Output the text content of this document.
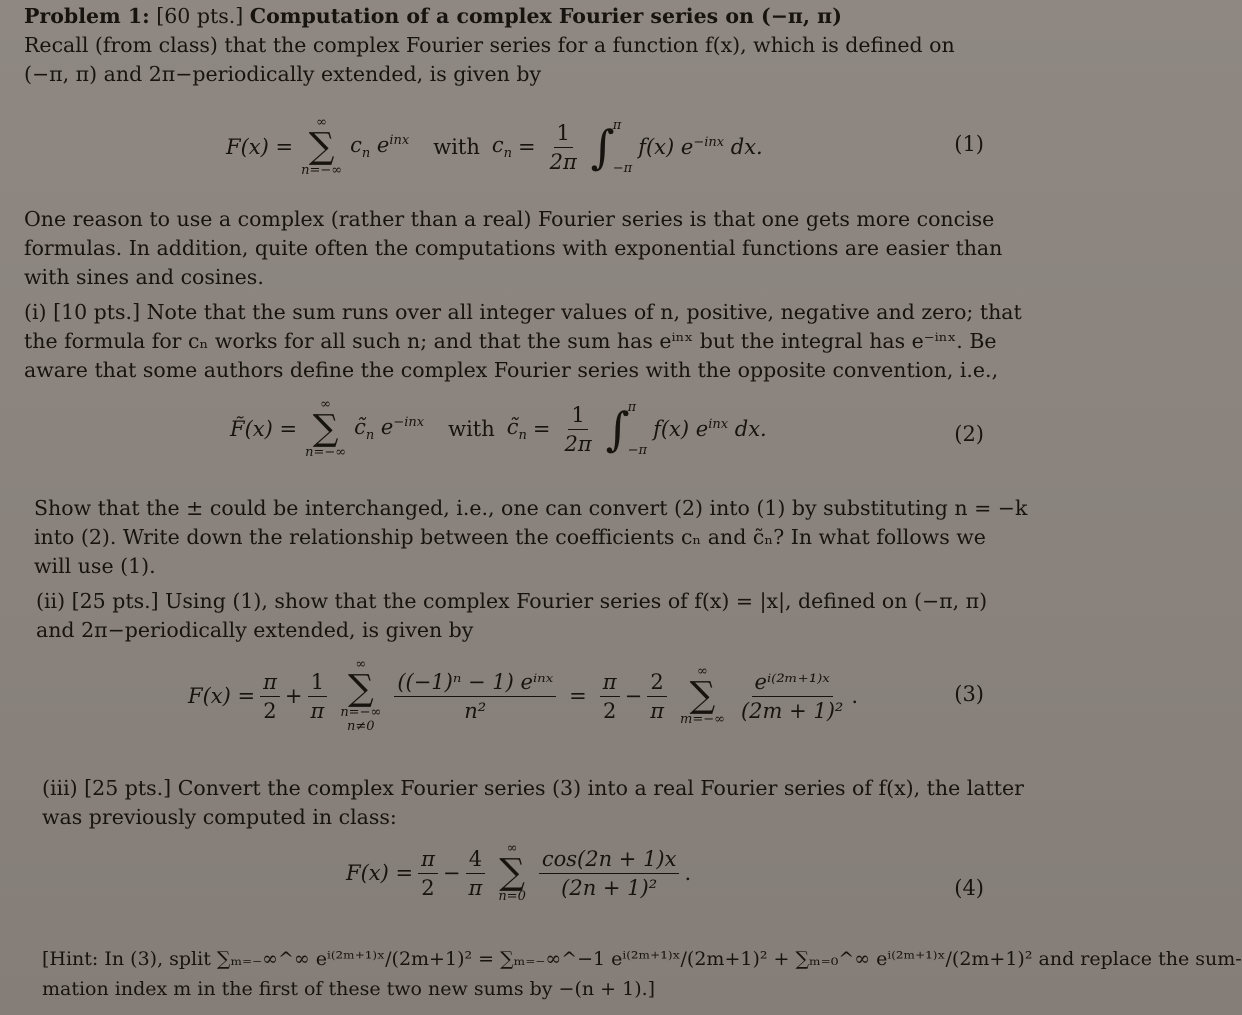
Problem 1: [60 pts.] Computation of a complex Fourier series on (−π, π)
Recall (from class) that the complex Fourier series for a function f(x), which is defined on
(−π, π) and 2π−periodically extended, is given by
F(x) =
∞
∑
n=−∞
$c_n$ $e^{inx}$ with $c_n = \frac{1}{2\pi}$ ∫
π
−π
f(x) $e^{-inx}$ dx.	(1)
One reason to use a complex (rather than a real) Fourier series is that one gets more concise
formulas. In addition, quite often the computations with exponential functions are easier than
with sines and cosines.
(i) [10 pts.] Note that the sum runs over all integer values of n, positive, negative and zero; that
the formula for cₙ works for all such n; and that the sum has eⁱⁿˣ but the integral has e⁻ⁱⁿˣ. Be
aware that some authors define the complex Fourier series with the opposite convention, i.e.,
F̃(x) =
∞
∑
n=−∞
$c̃_n$ $e^{-inx}$ with $c̃_n = \frac{1}{2\pi}$ ∫
π
−π
f(x) $e^{inx}$ dx.	(2)
Show that the ± could be interchanged, i.e., one can convert (2) into (1) by substituting n = −k
into (2). Write down the relationship between the coefficients cₙ and c̃ₙ? In what follows we
will use (1).
(ii) [25 pts.] Using (1), show that the complex Fourier series of f(x) = |x|, defined on (−π, π)
and 2π−periodically extended, is given by
$F(x) = \frac{\pi}{2} + \frac{1}{\pi}$
∞
∑
n=−∞
n≠0
$\frac{\text{((−1)ⁿ − 1) eⁱⁿˣ}}{\text{n²}} = \frac{\pi}{2} - \frac{2}{\pi}$ ∞
∑
$m=-\infty \frac{\text{eⁱ⁽²ᵐ⁺¹⁾ˣ}}{\text{(2m + 1)²}}$ .	(3)
(iii) [25 pts.] Convert the complex Fourier series (3) into a real Fourier series of f(x), the latter
was previously computed in class:
$F(x) = \frac{\pi}{2} - \frac{4}{\pi}$ ∞
∑
$n=0 \frac{\cos(2n + 1)x}{\text{(2n + 1)²}}$ .
(4)
[Hint: In (3), split ∑ₘ₌₋∞^∞ eⁱ⁽²ᵐ⁺¹⁾ˣ/(2m+1)² = ∑ₘ₌₋∞^−1 eⁱ⁽²ᵐ⁺¹⁾ˣ/(2m+1)² + ∑ₘ₌₀^∞ eⁱ⁽²ᵐ⁺¹⁾ˣ/(2m+1)² and replace the sum-
mation index m in the first of these two new sums by −(n + 1).]
